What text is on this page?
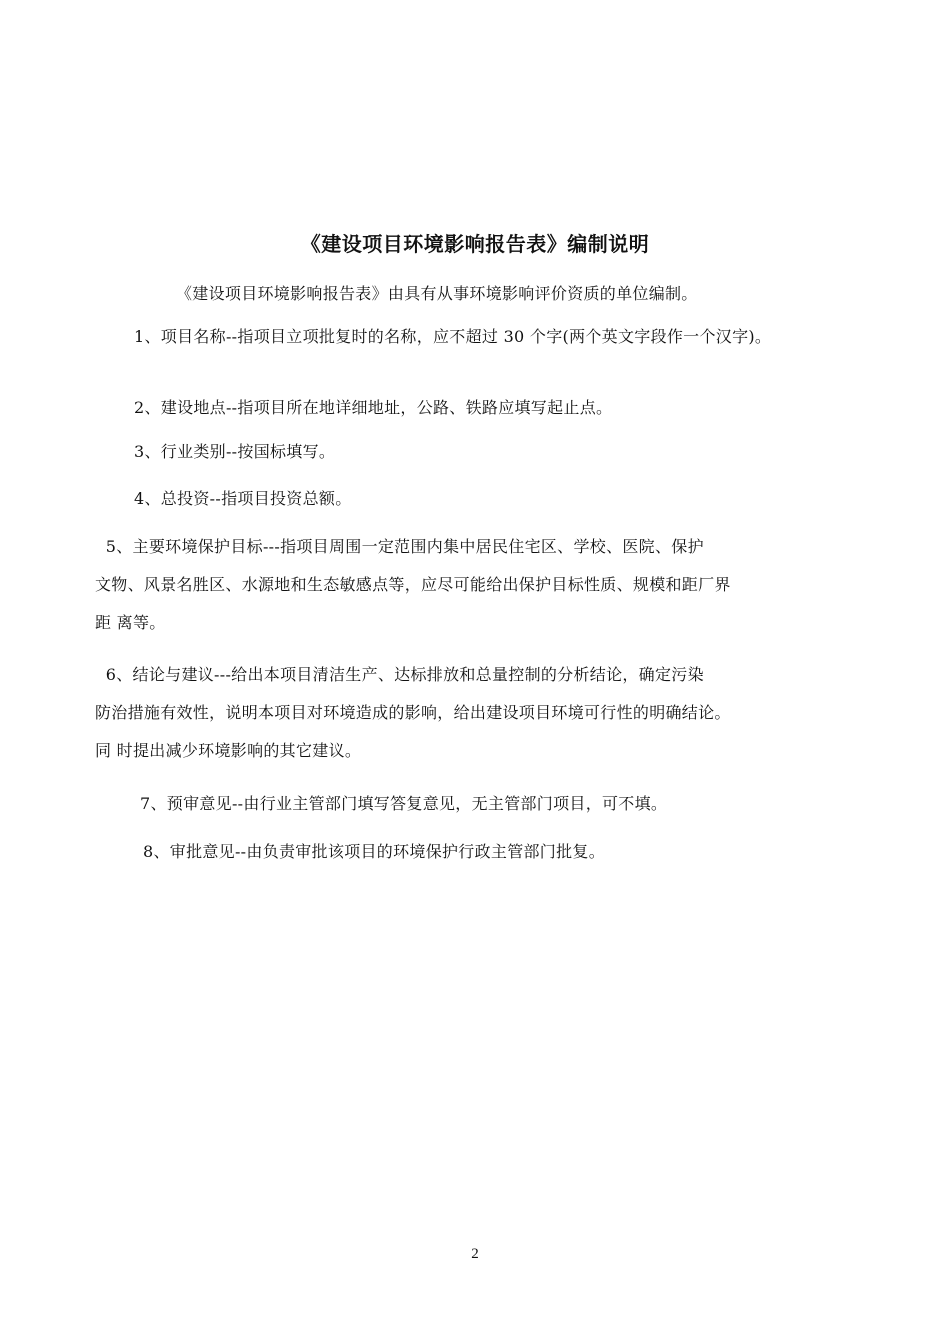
《建设项目环境影响报告表》编制说明
《建设项目环境影响报告表》由具有从事环境影响评价资质的单位编制。
1、项目名称--指项目立项批复时的名称，应不超过 30 个字(两个英文字段作一个汉字)。
2、建设地点--指项目所在地详细地址，公路、铁路应填写起止点。
3、行业类别--按国标填写。
4、总投资--指项目投资总额。
5、主要环境保护目标---指项目周围一定范围内集中居民住宅区、学校、医院、保护
文物、风景名胜区、水源地和生态敏感点等，应尽可能给出保护目标性质、规模和距厂界
距 离等。
6、结论与建议---给出本项目清洁生产、达标排放和总量控制的分析结论，确定污染
防治措施有效性，说明本项目对环境造成的影响，给出建设项目环境可行性的明确结论。
同 时提出减少环境影响的其它建议。
7、预审意见--由行业主管部门填写答复意见，无主管部门项目，可不填。
8、审批意见--由负责审批该项目的环境保护行政主管部门批复。
2
